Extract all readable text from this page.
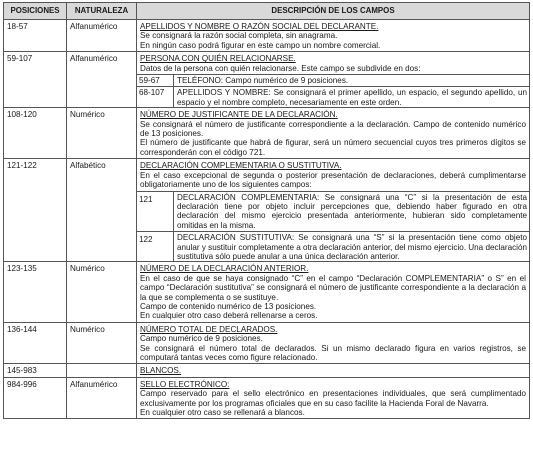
POSICIONES	NATURALEZA	DESCRIPCIÓN DE LOS CAMPOS
18-57	Alfanumérico	APELLIDOS Y NOMBRE O RAZÓN SOCIAL DEL DECLARANTE.
Se consignará la razón social completa, sin anagrama.
En ningún caso podrá figurar en este campo un nombre comercial.

59-107	Alfanumérico	PERSONA CON QUIÉN RELACIONARSE.
Datos de la persona con quién relacionarse. Este campo se subdivide en dos:
59-67	TELÉFONO: Campo numérico de 9 posiciones.
68-107	APELLIDOS Y NOMBRE: Se consignará el primer apellido, un espacio, el segundo apellido, un espacio y el nombre completo, necesariamente en este orden.

108-120	Numérico	NÚMERO DE JUSTIFICANTE DE LA DECLARACIÓN.
Se consignará el número de justificante correspondiente a la declaración. Campo de contenido numérico de 13 posiciones.
El número de justificante que habrá de figurar, será un número secuencial cuyos tres primeros dígitos se corresponderán con el código 721.

121-122	Alfabético	DECLARACIÓN COMPLEMENTARIA O SUSTITUTIVA.
En el caso excepcional de segunda o posterior presentación de declaraciones, deberá cumplimentarse obligatoriamente uno de los siguientes campos:
121	DECLARACIÓN COMPLEMENTARIA: Se consignará una “C” si la presentación de esta declaración tiene por objeto incluir percepciones que, debiendo haber figurado en otra declaración del mismo ejercicio presentada anteriormente, hubieran sido completamente omitidas en la misma.
122	DECLARACIÓN SUSTITUTIVA: Se consignará una “S” si la presentación tiene como objeto anular y sustituir completamente a otra declaración anterior, del mismo ejercicio. Una declaración sustitutiva sólo puede anular a una única declaración anterior.

123-135	Numérico	NÚMERO DE LA DECLARACIÓN ANTERIOR.
En el caso de que se haya consignado “C” en el campo “Declaración COMPLEMENTARIA” o S” en el campo “Declaración sustitutiva” se consignará el número de justificante correspondiente a la declaración a la que se complementa o se sustituye.
Campo de contenido numérico de 13 posiciones.
En cualquier otro caso deberá rellenarse a ceros.

136-144	Numérico	NÚMERO TOTAL DE DECLARADOS.
Campo numérico de 9 posiciones.
Se consignará el número total de declarados. Si un mismo declarado figura en varios registros, se computará tantas veces como figure relacionado.

145-983		BLANCOS.

984-996	Alfanumérico	SELLO ELECTRÓNICO:
Campo reservado para el sello electrónico en presentaciones individuales, que será cumplimentado exclusivamente por los programas oficiales que en su caso facilite la Hacienda Foral de Navarra.
En cualquier otro caso se rellenará a blancos.
